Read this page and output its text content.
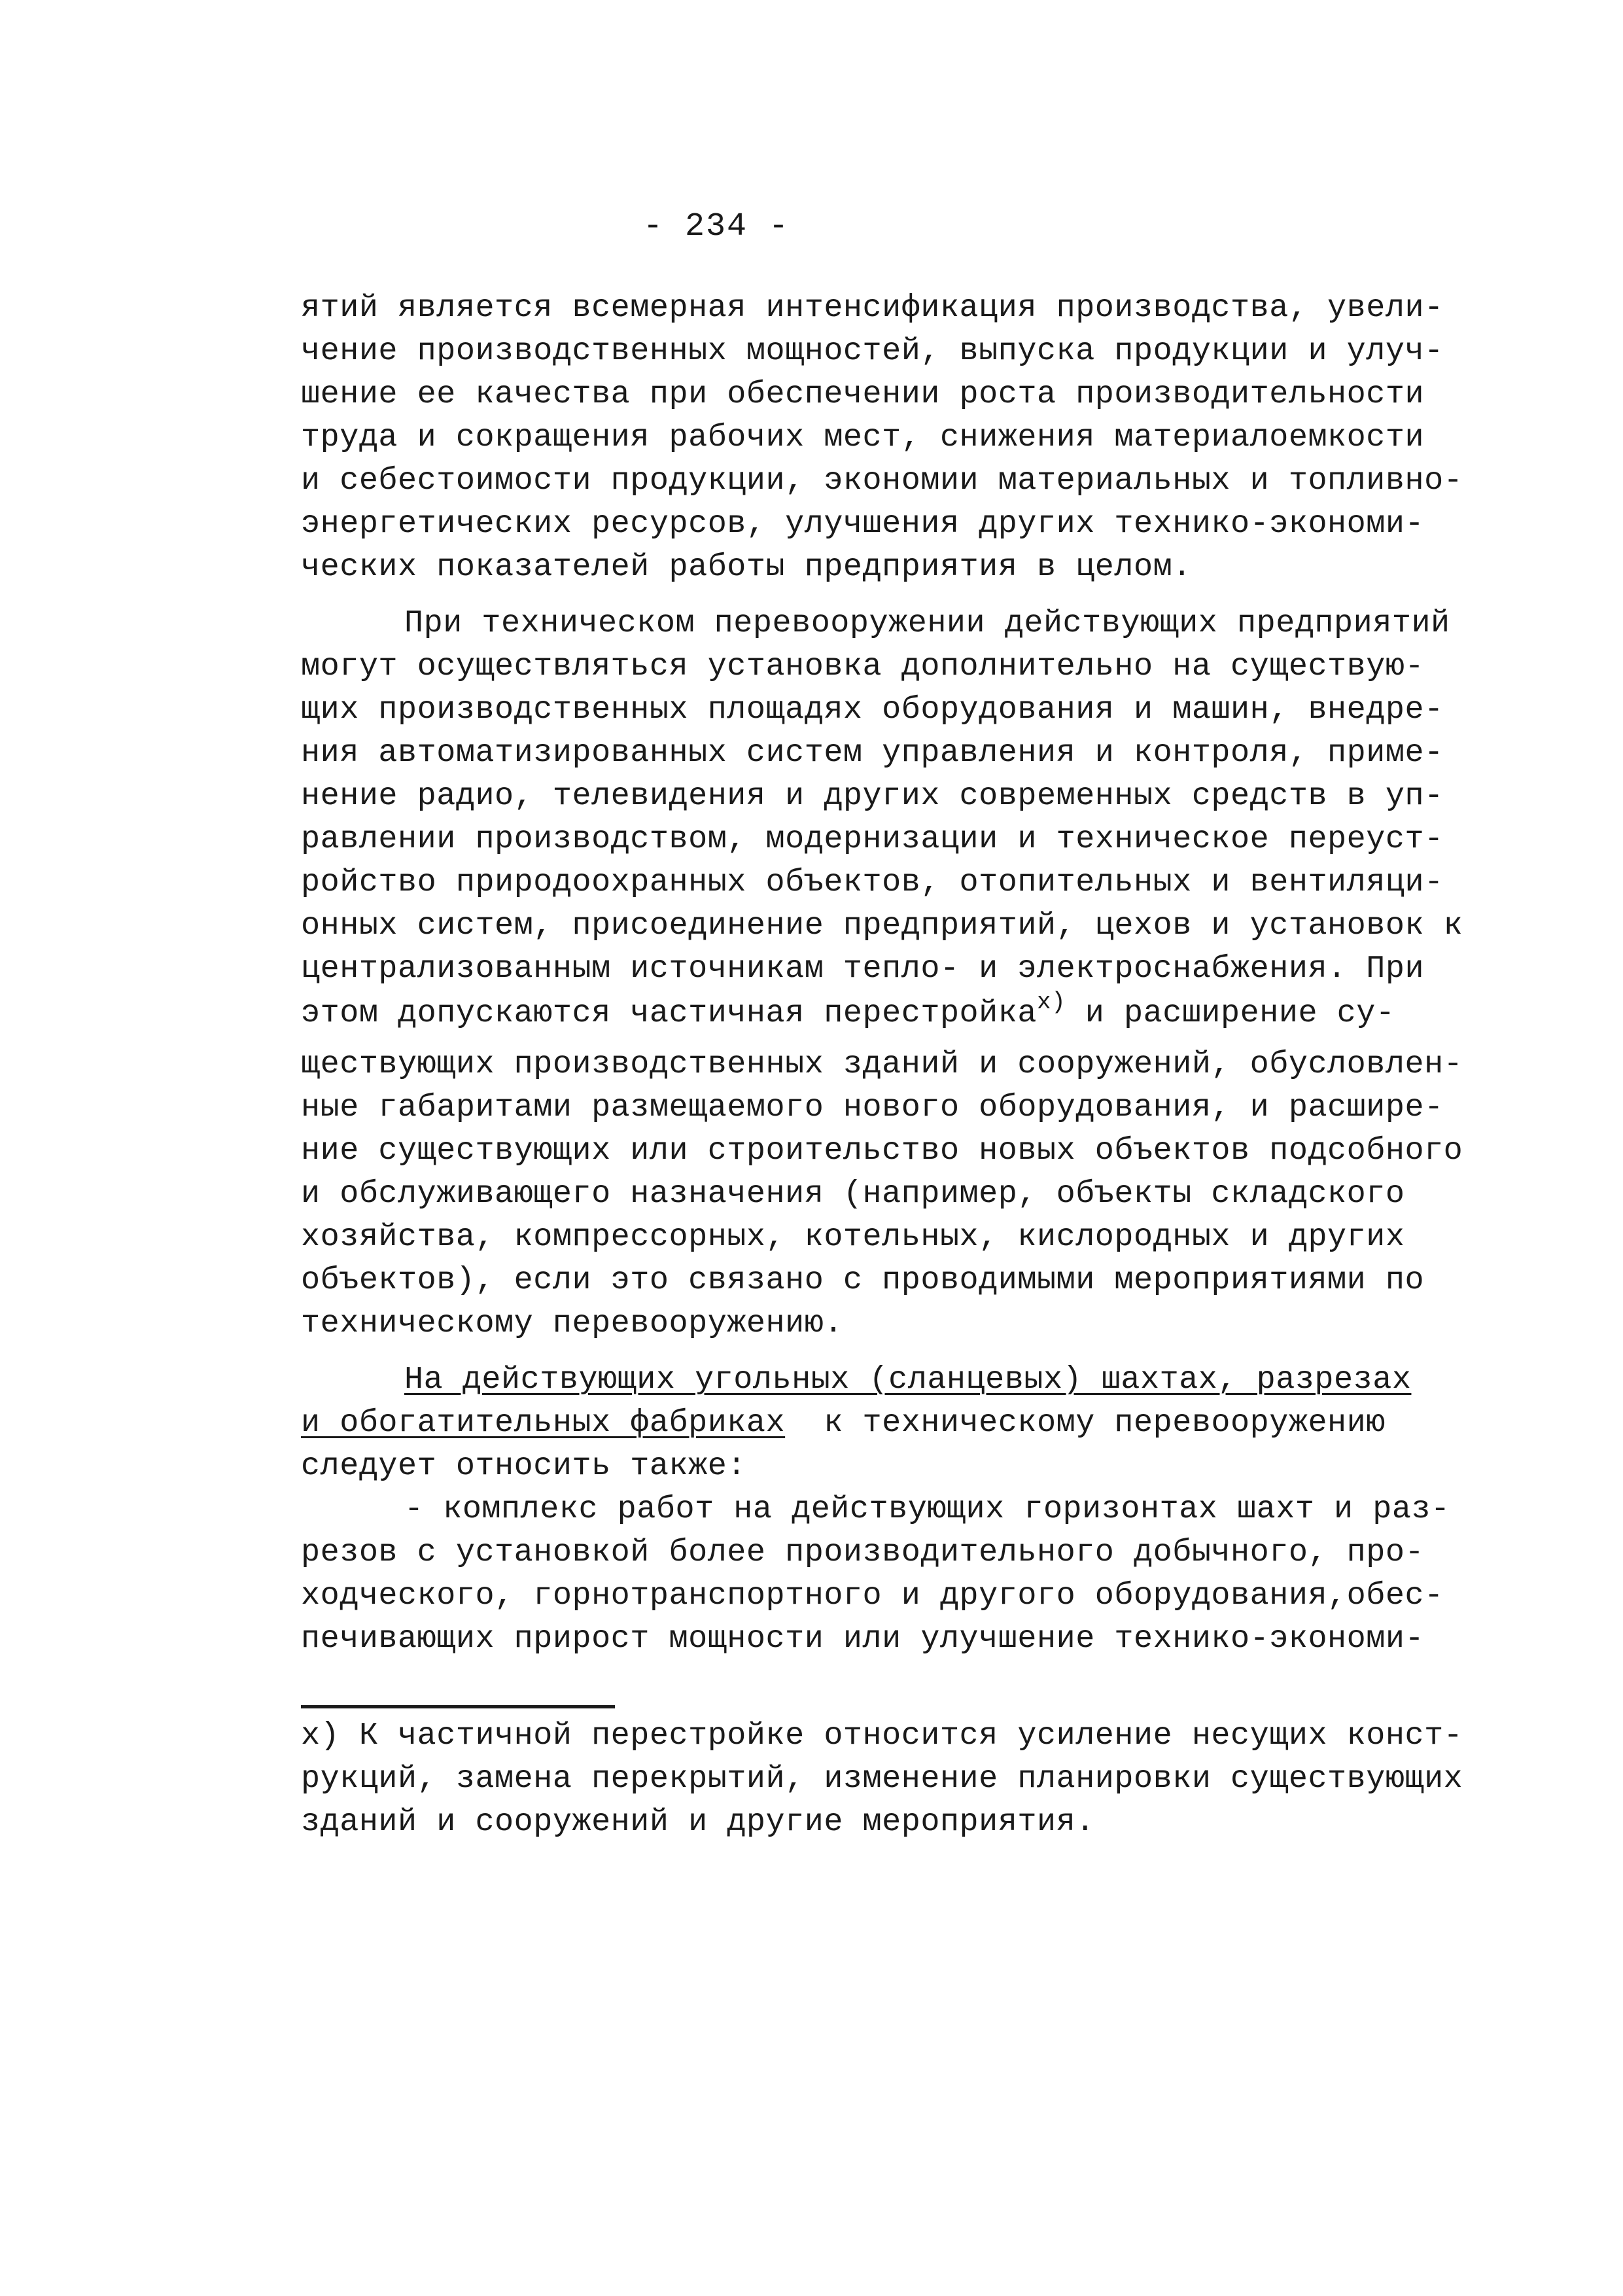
- 234 -
ятий является всемерная интенсификация производства, увели-
чение производственных мощностей, выпуска продукции и улуч-
шение ее качества при обеспечении роста производительности
труда и сокращения рабочих мест, снижения материалоемкости
и себестоимости продукции, экономии материальных и топливно-
энергетических ресурсов, улучшения других технико-экономи-
ческих показателей работы предприятия в целом.
При техническом перевооружении действующих предприятий
могут осуществляться установка дополнительно на существую-
щих производственных площадях оборудования и машин, внедре-
ния автоматизированных систем управления и контроля, приме-
нение радио, телевидения и других современных средств в уп-
равлении производством, модернизации и техническое переуст-
ройство природоохранных объектов, отопительных и вентиляци-
онных систем, присоединение предприятий, цехов и установок к
централизованным источникам тепло- и электроснабжения. При
этом допускаются частичная перестройка$^{x)}$ и расширение су-
ществующих производственных зданий и сооружений, обусловлен-
ные габаритами размещаемого нового оборудования, и расшире-
ние существующих или строительство новых объектов подсобного
и обслуживающего назначения (например, объекты складского
хозяйства, компрессорных, котельных, кислородных и других
объектов), если это связано с проводимыми мероприятиями по
техническому перевооружению.
На действующих угольных (сланцевых) шахтах, разрезах
и обогатительных фабриках  к техническому перевооружению
следует относить также:
- комплекс работ на действующих горизонтах шахт и раз-
резов с установкой более производительного добычного, про-
ходческого, горнотранспортного и другого оборудования,обес-
печивающих прирост мощности или улучшение технико-экономи-
x) К частичной перестройке относится усиление несущих конст-
рукций, замена перекрытий, изменение планировки существующих
зданий и сооружений и другие мероприятия.
